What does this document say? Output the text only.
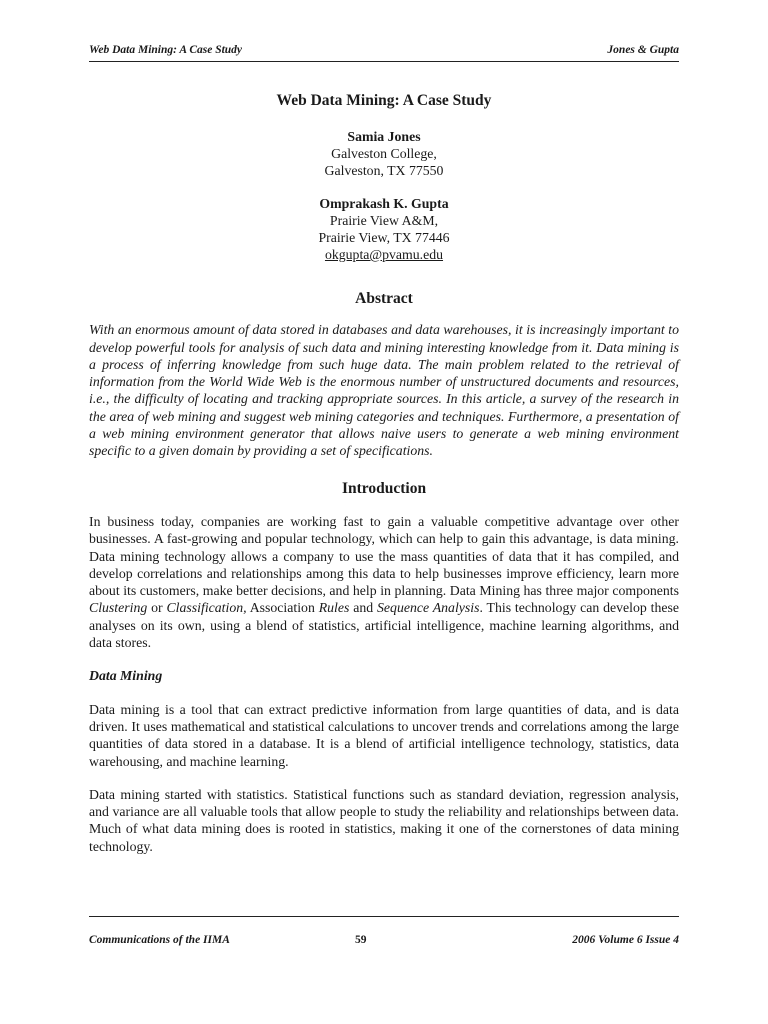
Web Data Mining: A Case Study	Jones & Gupta
Web Data Mining: A Case Study
Samia Jones
Galveston College,
Galveston, TX 77550
Omprakash K. Gupta
Prairie View A&M,
Prairie View, TX 77446
okgupta@pvamu.edu
Abstract
With an enormous amount of data stored in databases and data warehouses, it is increasingly important to develop powerful tools for analysis of such data and mining interesting knowledge from it. Data mining is a process of inferring knowledge from such huge data. The main problem related to the retrieval of information from the World Wide Web is the enormous number of unstructured documents and resources, i.e., the difficulty of locating and tracking appropriate sources. In this article, a survey of the research in the area of web mining and suggest web mining categories and techniques. Furthermore, a presentation of a web mining environment generator that allows naive users to generate a web mining environment specific to a given domain by providing a set of specifications.
Introduction

In business today, companies are working fast to gain a valuable competitive advantage over other businesses. A fast-growing and popular technology, which can help to gain this advantage, is data mining. Data mining technology allows a company to use the mass quantities of data that it has compiled, and develop correlations and relationships among this data to help businesses improve efficiency, learn more about its customers, make better decisions, and help in planning. Data Mining has three major components Clustering or Classification, Association Rules and Sequence Analysis. This technology can develop these analyses on its own, using a blend of statistics, artificial intelligence, machine learning algorithms, and data stores.

Data Mining

Data mining is a tool that can extract predictive information from large quantities of data, and is data driven. It uses mathematical and statistical calculations to uncover trends and correlations among the large quantities of data stored in a database. It is a blend of artificial intelligence technology, statistics, data warehousing, and machine learning.

Data mining started with statistics. Statistical functions such as standard deviation, regression analysis, and variance are all valuable tools that allow people to study the reliability and relationships between data. Much of what data mining does is rooted in statistics, making it one of the cornerstones of data mining technology.

Communications of the IIMA	59	2006 Volume 6 Issue 4
